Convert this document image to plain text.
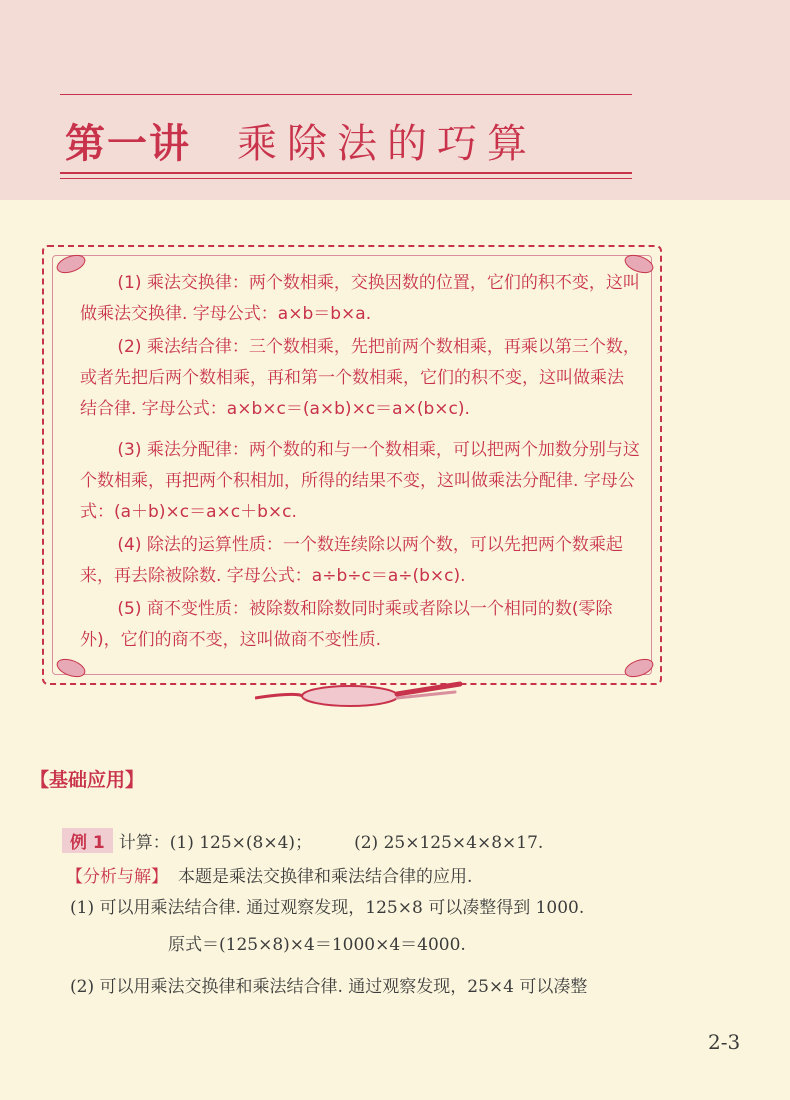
第一讲 乘除法的巧算

(1) 乘法交换律：两个数相乘，交换因数的位置，它们的积不变，这叫做乘法交换律. 字母公式：a×b＝b×a.

(2) 乘法结合律：三个数相乘，先把前两个数相乘，再乘以第三个数，或者先把后两个数相乘，再和第一个数相乘，它们的积不变，这叫做乘法结合律. 字母公式：a×b×c＝(a×b)×c＝a×(b×c).

(3) 乘法分配律：两个数的和与一个数相乘，可以把两个加数分别与这个数相乘，再把两个积相加，所得的结果不变，这叫做乘法分配律. 字母公式：(a＋b)×c＝a×c＋b×c.

(4) 除法的运算性质：一个数连续除以两个数，可以先把两个数乘起来，再去除被除数. 字母公式：a÷b÷c＝a÷(b×c).

(5) 商不变性质：被除数和除数同时乘或者除以一个相同的数(零除外)，它们的商不变，这叫做商不变性质.

【基础应用】
例 1 计算：(1) 125×(8×4)； (2) 25×125×4×8×17.
【分析与解】 本题是乘法交换律和乘法结合律的应用.
(1) 可以用乘法结合律. 通过观察发现，125×8 可以凑整得到 1000.
原式＝(125×8)×4＝1000×4＝4000.
(2) 可以用乘法交换律和乘法结合律. 通过观察发现，25×4 可以凑整
2-3
